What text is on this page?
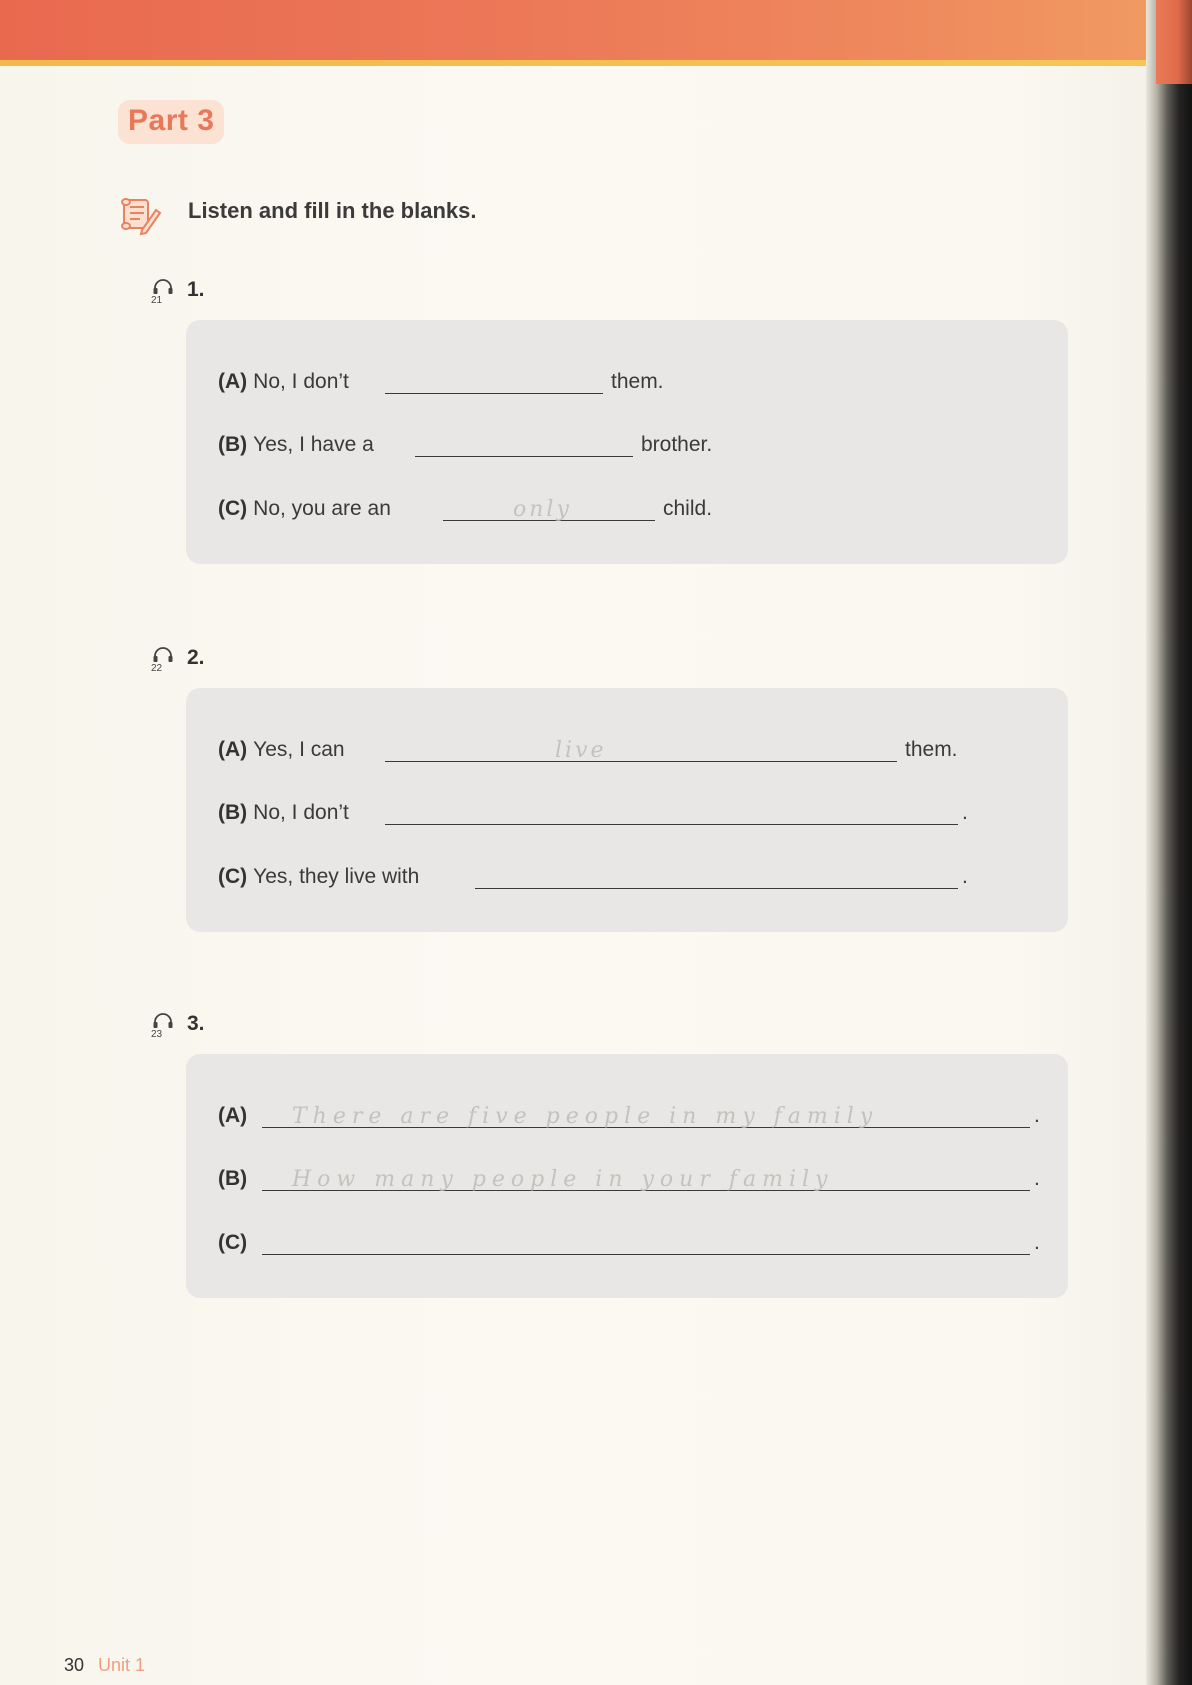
Part 3
Listen and fill in the blanks.
21 1.
(A) No, I don’t	them.
(B) Yes, I have a	brother.
(C) No, you are an	only	child.
22 2.
(A) Yes, I can	live	them.
(B) No, I don’t	.
(C) Yes, they live with	.
23 3.
(A)	There are five people in my family	.
(B)	How many people in your family	.
(C)	.
30 Unit 1
